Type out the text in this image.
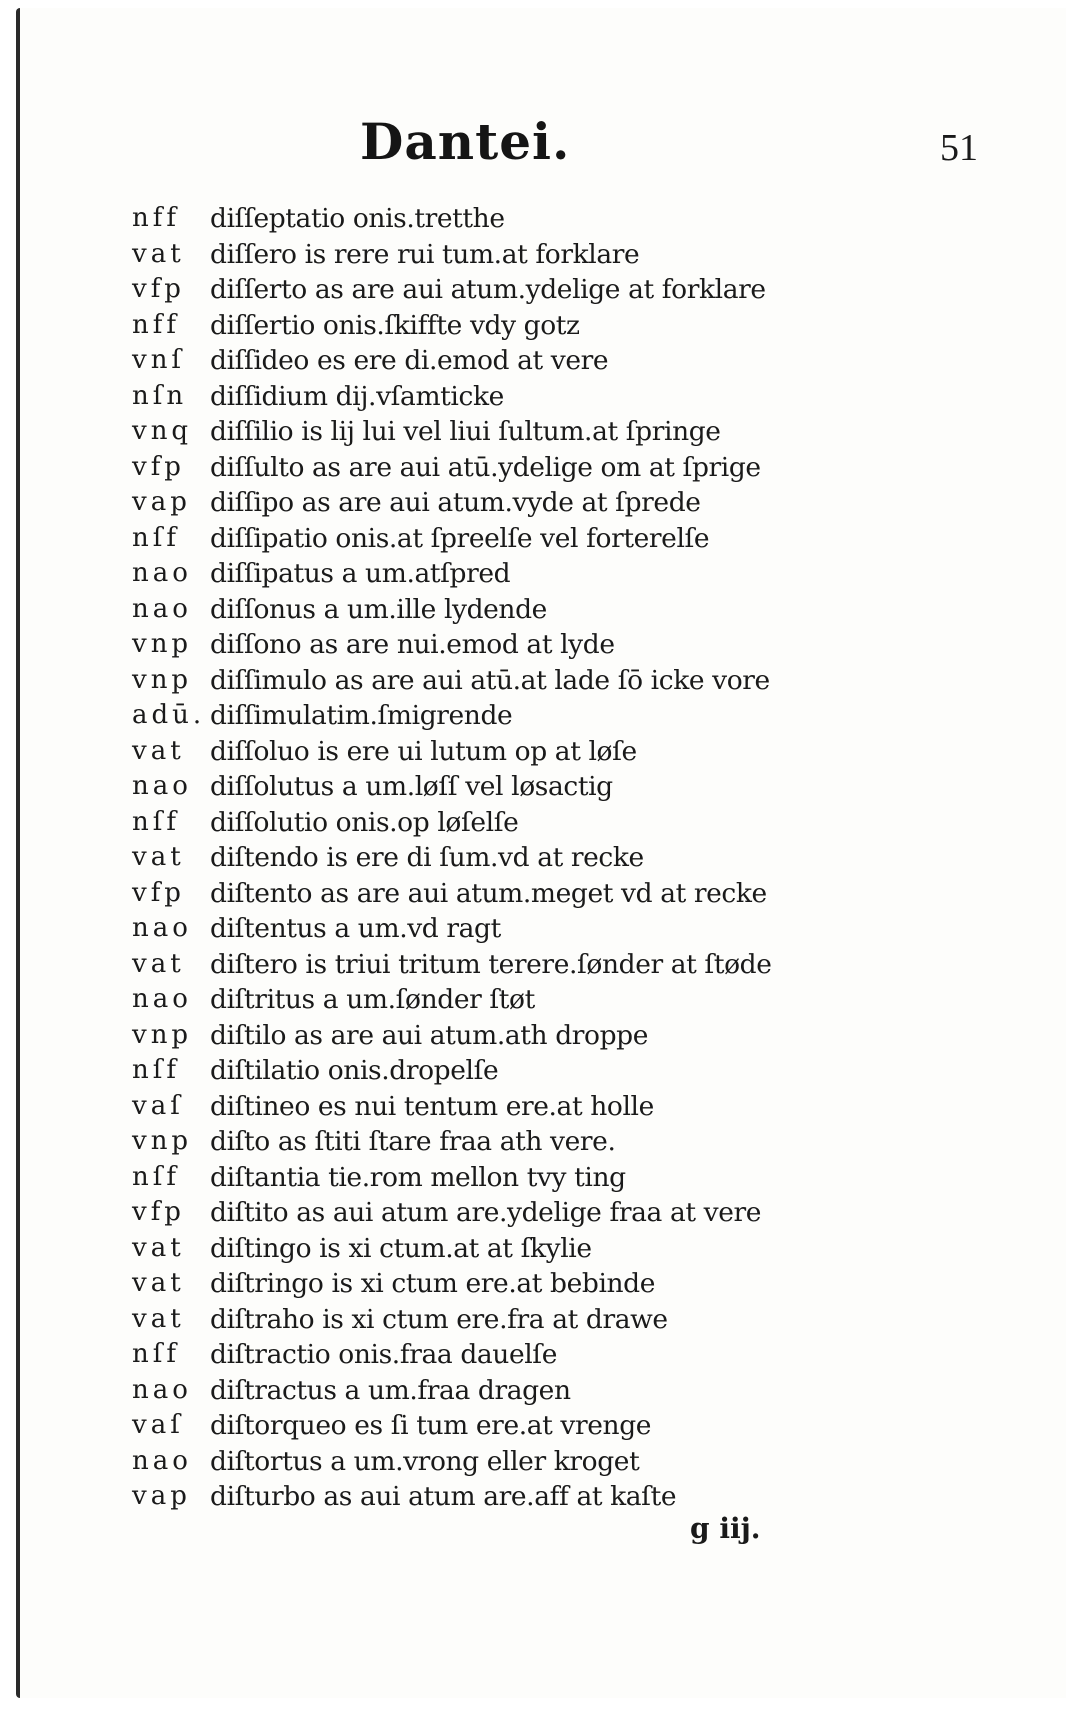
Dantei.	51
nff	diſſeptatio onis.tretthe
vat diſſero is rere rui tum.at forklare
vfp diſſerto as are aui atum.ydelige at forklare
nff	diſſertio onis.ſkiffte vdy gotz
vnſ diſſideo es ere di.emod at vere
nſn diſſidium dij.vſamticke
vnq diſſilio is lij lui vel liui ſultum.at ſpringe
vfp diſſulto as are aui atū.ydelige om at ſprige
vap diſſipo as are aui atum.vyde at ſprede
nſf	diſſipatio onis.at ſpreelſe vel forterelſe
nao diſſipatus a um.atſpred
nao diſſonus a um.ille lydende
vnp diſſono as are nui.emod at lyde
vnp diſſimulo as are aui atū.at lade ſō icke vore
adū. diſſimulatim.ſmigrende
vat diſſoluo is ere ui lutum op at løſe
nao diſſolutus a um.løſſ vel løsactig
nſf	diſſolutio onis.op løſelſe
vat diſtendo is ere di ſum.vd at recke
vfp diſtento as are aui atum.meget vd at recke
nao diſtentus a um.vd ragt
vat diſtero is triui tritum terere.ſønder at ſtøde
nao diſtritus a um.ſønder ſtøt
vnp diſtilo as are aui atum.ath droppe
nſf	diſtilatio onis.dropelſe
vaſ diſtineo es nui tentum ere.at holle
vnp diſto as ſtiti ſtare fraa ath vere.
nſf	diſtantia tie.rom mellon tvy ting
vfp diſtito as aui atum are.ydelige fraa at vere
vat diſtingo is xi ctum.at at ſkylie
vat diſtringo is xi ctum ere.at bebinde
vat diſtraho is xi ctum ere.fra at drawe
nſf	diſtractio onis.fraa dauelſe
nao diſtractus a um.fraa dragen
vaſ diſtorqueo es ſi tum ere.at vrenge
nao diſtortus a um.vrong eller kroget
vap diſturbo as aui atum are.aff at kaſte
g iij.
